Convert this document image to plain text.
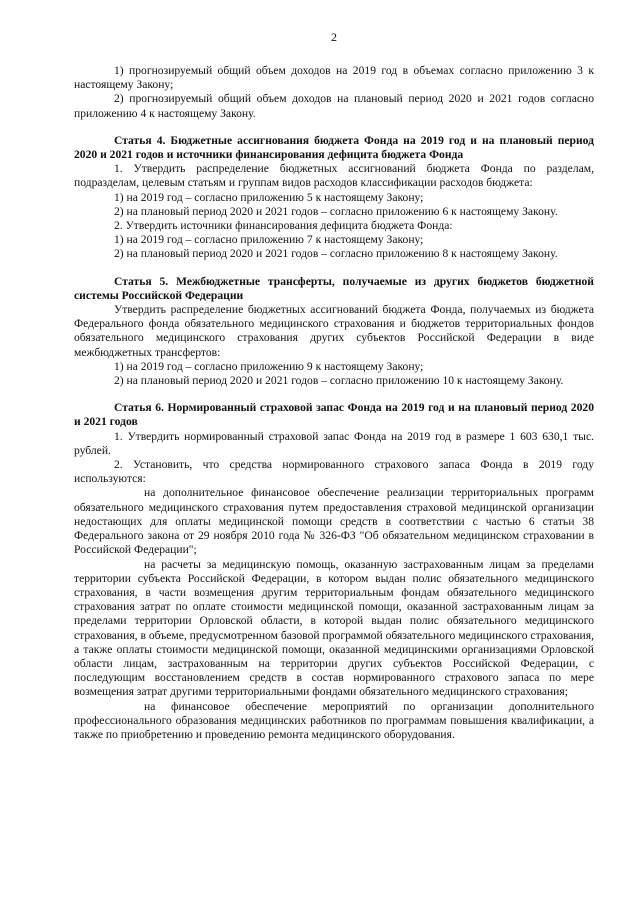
2

1) прогнозируемый общий объем доходов на 2019 год в объемах согласно приложению 3 к настоящему Закону;

2) прогнозируемый общий объем доходов на плановый период 2020 и 2021 годов согласно приложению 4 к настоящему Закону.

Статья 4. Бюджетные ассигнования бюджета Фонда на 2019 год и на плановый период 2020 и 2021 годов и источники финансирования дефицита бюджета Фонда

1. Утвердить распределение бюджетных ассигнований бюджета Фонда по разделам, подразделам, целевым статьям и группам видов расходов классификации расходов бюджета:

1) на 2019 год – согласно приложению 5 к настоящему Закону;

2) на плановый период 2020 и 2021 годов – согласно приложению 6 к настоящему Закону.

2. Утвердить источники финансирования дефицита бюджета Фонда:

1) на 2019 год – согласно приложению 7 к настоящему Закону;

2) на плановый период 2020 и 2021 годов – согласно приложению 8 к настоящему Закону.

Статья 5. Межбюджетные трансферты, получаемые из других бюджетов бюджетной системы Российской Федерации

Утвердить распределение бюджетных ассигнований бюджета Фонда, получаемых из бюджета Федерального фонда обязательного медицинского страхования и бюджетов территориальных фондов обязательного медицинского страхования других субъектов Российской Федерации в виде межбюджетных трансфертов:

1) на 2019 год – согласно приложению 9 к настоящему Закону;

2) на плановый период 2020 и 2021 годов – согласно приложению 10 к настоящему Закону.

Статья 6. Нормированный страховой запас Фонда на 2019 год и на плановый период 2020 и 2021 годов

1. Утвердить нормированный страховой запас Фонда на 2019 год в размере 1 603 630,1 тыс. рублей.

2. Установить, что средства нормированного страхового запаса Фонда в 2019 году используются:

на дополнительное финансовое обеспечение реализации территориальных программ обязательного медицинского страхования путем предоставления страховой медицинской организации недостающих для оплаты медицинской помощи средств в соответствии с частью 6 статьи 38 Федерального закона от 29 ноября 2010 года № 326-ФЗ "Об обязательном медицинском страховании в Российской Федерации";

на расчеты за медицинскую помощь, оказанную застрахованным лицам за пределами территории субъекта Российской Федерации, в котором выдан полис обязательного медицинского страхования, в части возмещения другим территориальным фондам обязательного медицинского страхования затрат по оплате стоимости медицинской помощи, оказанной застрахованным лицам за пределами территории Орловской области, в которой выдан полис обязательного медицинского страхования, в объеме, предусмотренном базовой программой обязательного медицинского страхования, а также оплаты стоимости медицинской помощи, оказанной медицинскими организациями Орловской области лицам, застрахованным на территории других субъектов Российской Федерации, с последующим восстановлением средств в состав нормированного страхового запаса по мере возмещения затрат другими территориальными фондами обязательного медицинского страхования;

на финансовое обеспечение мероприятий по организации дополнительного профессионального образования медицинских работников по программам повышения квалификации, а также по приобретению и проведению ремонта медицинского оборудования.
